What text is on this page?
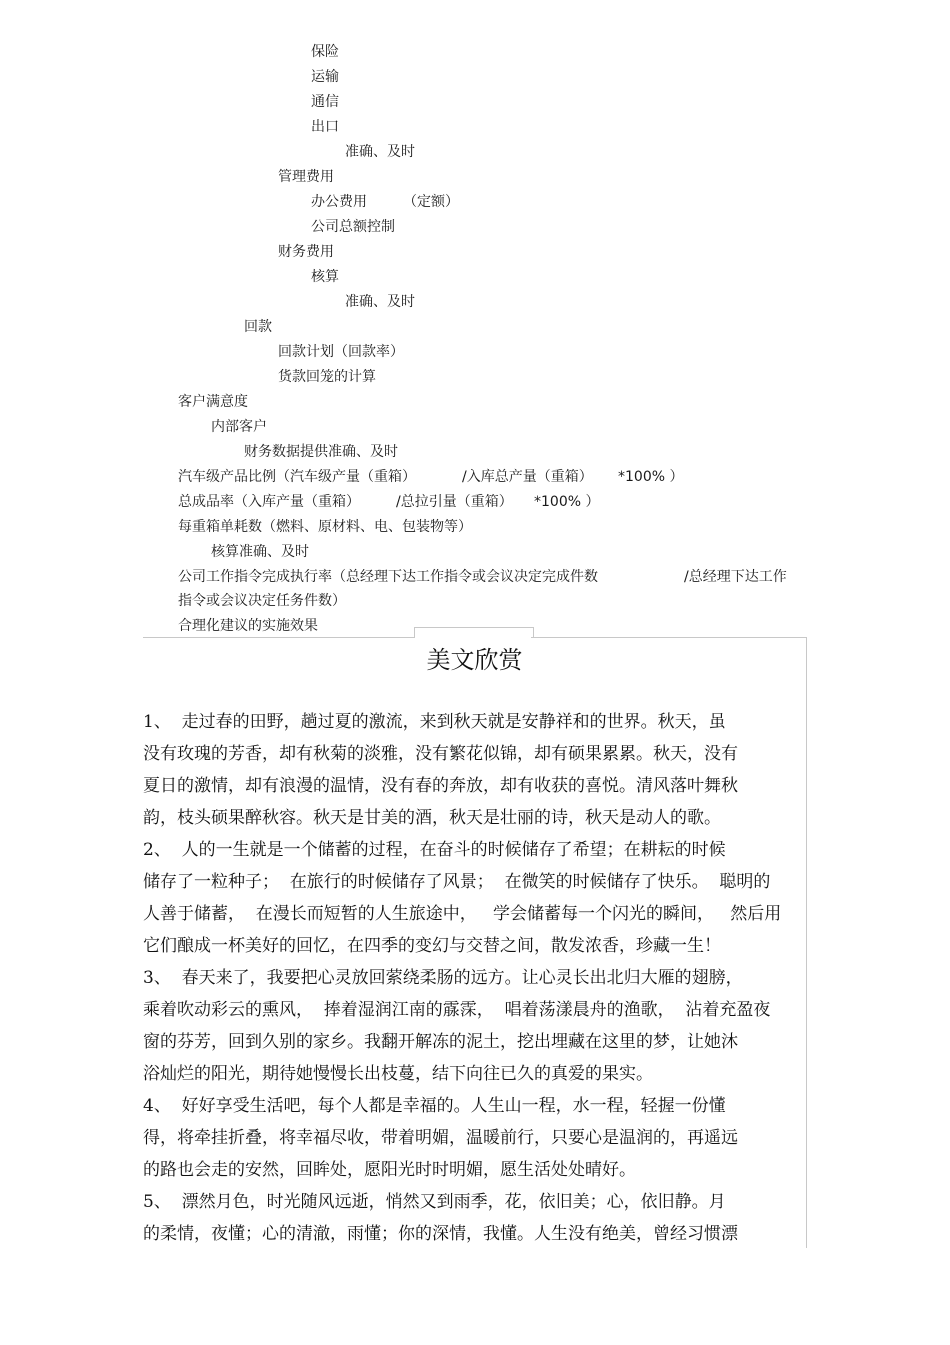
保险
运输
通信
出口
准确、及时
管理费用
办公费用	（定额）
公司总额控制
财务费用
核算
准确、及时
回款
回款计划（回款率）
货款回笼的计算
客户满意度
内部客户
财务数据提供准确、及时
汽车级产品比例（汽车级产量（重箱）	/入库总产量（重箱） *100% ）
总成品率（入库产量（重箱）	/总拉引量（重箱） *100% ）
每重箱单耗数（燃料、原材料、电、包装物等）
核算准确、及时
公司工作指令完成执行率（总经理下达工作指令或会议决定完成件数	/总经理下达工作
指令或会议决定任务件数）
合理化建议的实施效果
美文欣赏
1、  走过春的田野，趟过夏的激流，来到秋天就是安静祥和的世界。秋天，虽
没有玫瑰的芳香，却有秋菊的淡雅，没有繁花似锦，却有硕果累累。秋天，没有
夏日的激情，却有浪漫的温情，没有春的奔放，却有收获的喜悦。清风落叶舞秋
韵，枝头硕果醉秋容。秋天是甘美的酒，秋天是壮丽的诗，秋天是动人的歌。
2、  人的一生就是一个储蓄的过程，在奋斗的时候储存了希望；在耕耘的时候
储存了一粒种子；  在旅行的时候储存了风景；  在微笑的时候储存了快乐。  聪明的
人善于储蓄，  在漫长而短暂的人生旅途中，   学会储蓄每一个闪光的瞬间，   然后用
它们酿成一杯美好的回忆，在四季的变幻与交替之间，散发浓香，珍藏一生！
3、  春天来了，我要把心灵放回萦绕柔肠的远方。让心灵长出北归大雁的翅膀，
乘着吹动彩云的熏风，  捧着湿润江南的霡霂，  唱着荡漾晨舟的渔歌，  沾着充盈夜
窗的芬芳，回到久别的家乡。我翻开解冻的泥土，挖出埋藏在这里的梦，让她沐
浴灿烂的阳光，期待她慢慢长出枝蔓，结下向往已久的真爱的果实。
4、  好好享受生活吧，每个人都是幸福的。人生山一程，水一程，轻握一份懂
得，将牵挂折叠，将幸福尽收，带着明媚，温暖前行，只要心是温润的，再遥远
的路也会走的安然，回眸处，愿阳光时时明媚，愿生活处处晴好。
5、  漂然月色，时光随风远逝，悄然又到雨季，花，依旧美；心，依旧静。月
的柔情，夜懂；心的清澈，雨懂；你的深情，我懂。人生没有绝美，曾经习惯漂
